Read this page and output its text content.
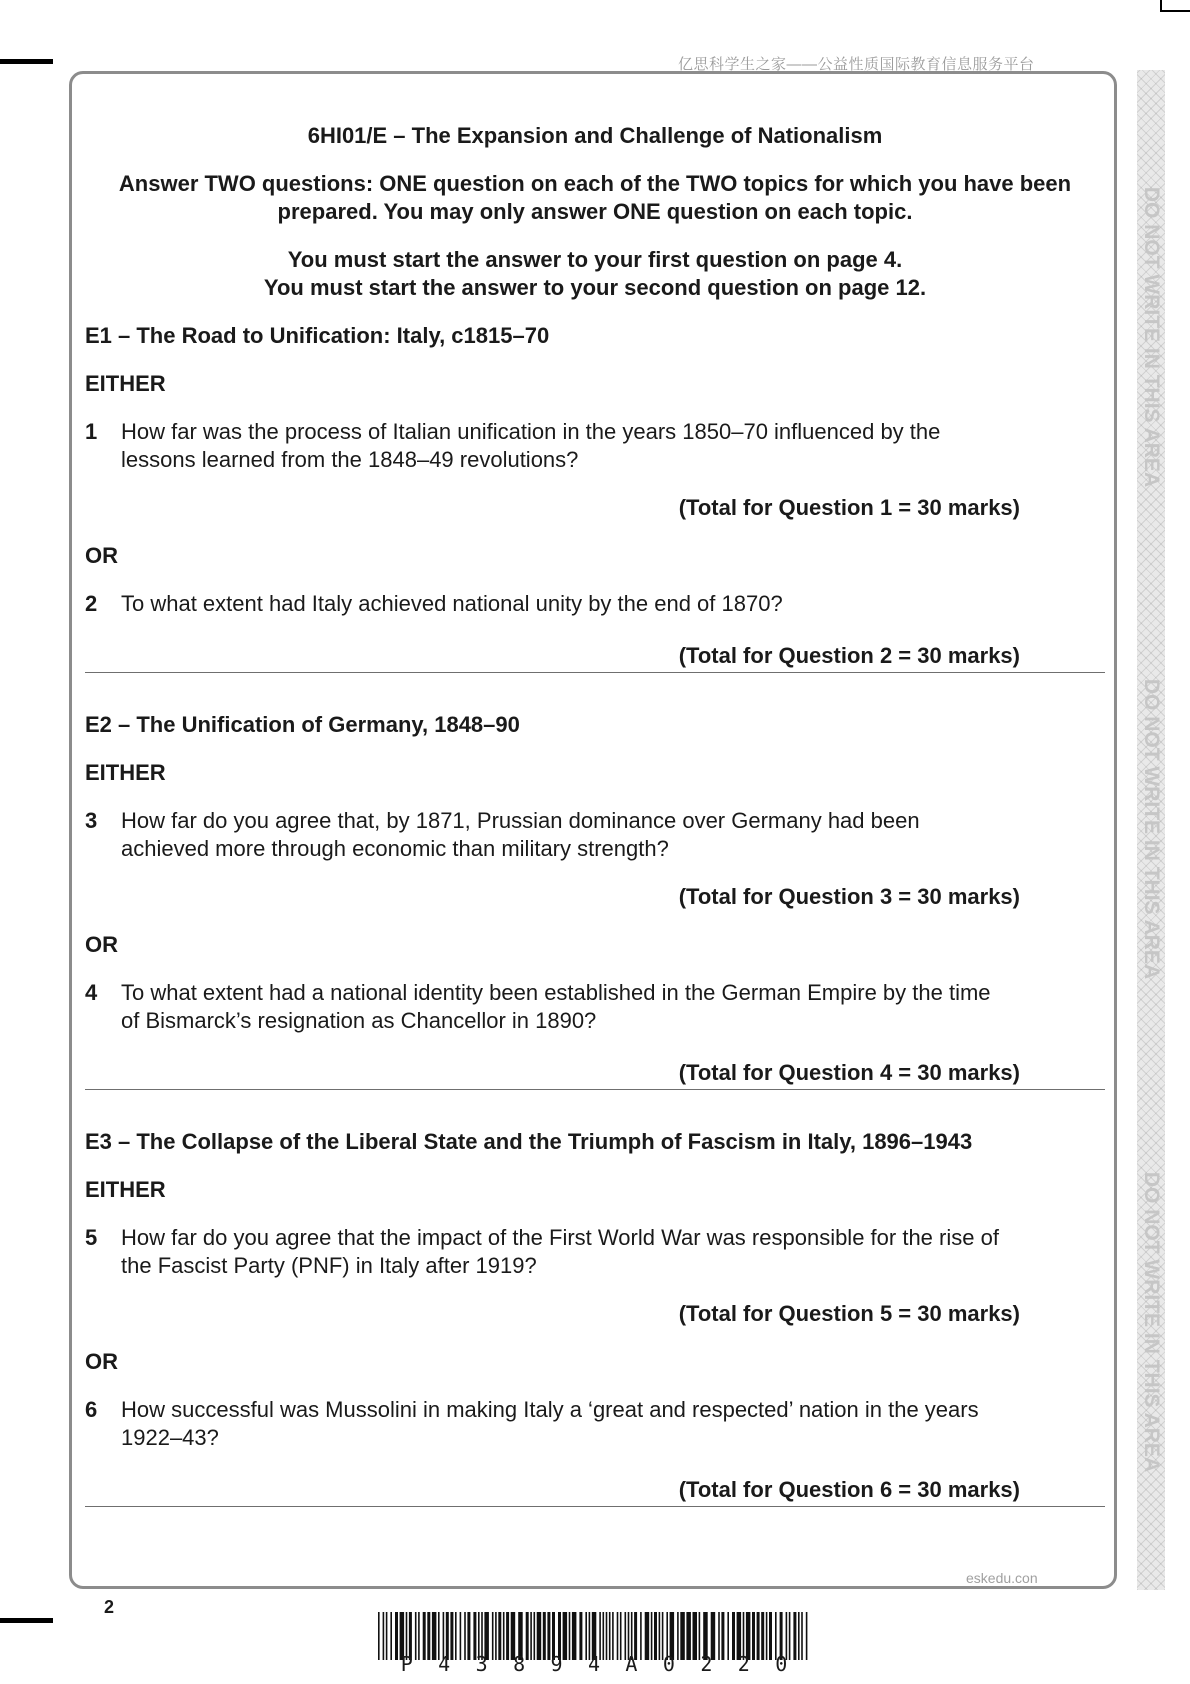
亿思科学生之家——公益性质国际教育信息服务平台
eskedu.con
DO NOT WRITE IN THIS AREA
DO NOT WRITE IN THIS AREA
DO NOT WRITE IN THIS AREA
6HI01/E – The Expansion and Challenge of Nationalism
Answer TWO questions: ONE question on each of the TWO topics for which you have been prepared. You may only answer ONE question on each topic.
You must start the answer to your first question on page 4.
You must start the answer to your second question on page 12.
E1 – The Road to Unification: Italy, c1815–70
EITHER
1	How far was the process of Italian unification in the years 1850–70 influenced by the lessons learned from the 1848–49 revolutions?
(Total for Question 1 = 30 marks)
OR
2	To what extent had Italy achieved national unity by the end of 1870?
(Total for Question 2 = 30 marks)
E2 – The Unification of Germany, 1848–90
EITHER
3	How far do you agree that, by 1871, Prussian dominance over Germany had been achieved more through economic than military strength?
(Total for Question 3 = 30 marks)
OR
4	To what extent had a national identity been established in the German Empire by the time of Bismarck’s resignation as Chancellor in 1890?
(Total for Question 4 = 30 marks)
E3 – The Collapse of the Liberal State and the Triumph of Fascism in Italy, 1896–1943
EITHER
5	How far do you agree that the impact of the First World War was responsible for the rise of the Fascist Party (PNF) in Italy after 1919?
(Total for Question 5 = 30 marks)
OR
6	How successful was Mussolini in making Italy a ‘great and respected’ nation in the years 1922–43?
(Total for Question 6 = 30 marks)
2
P 4 3 8 9 4 A 0 2 2 0
